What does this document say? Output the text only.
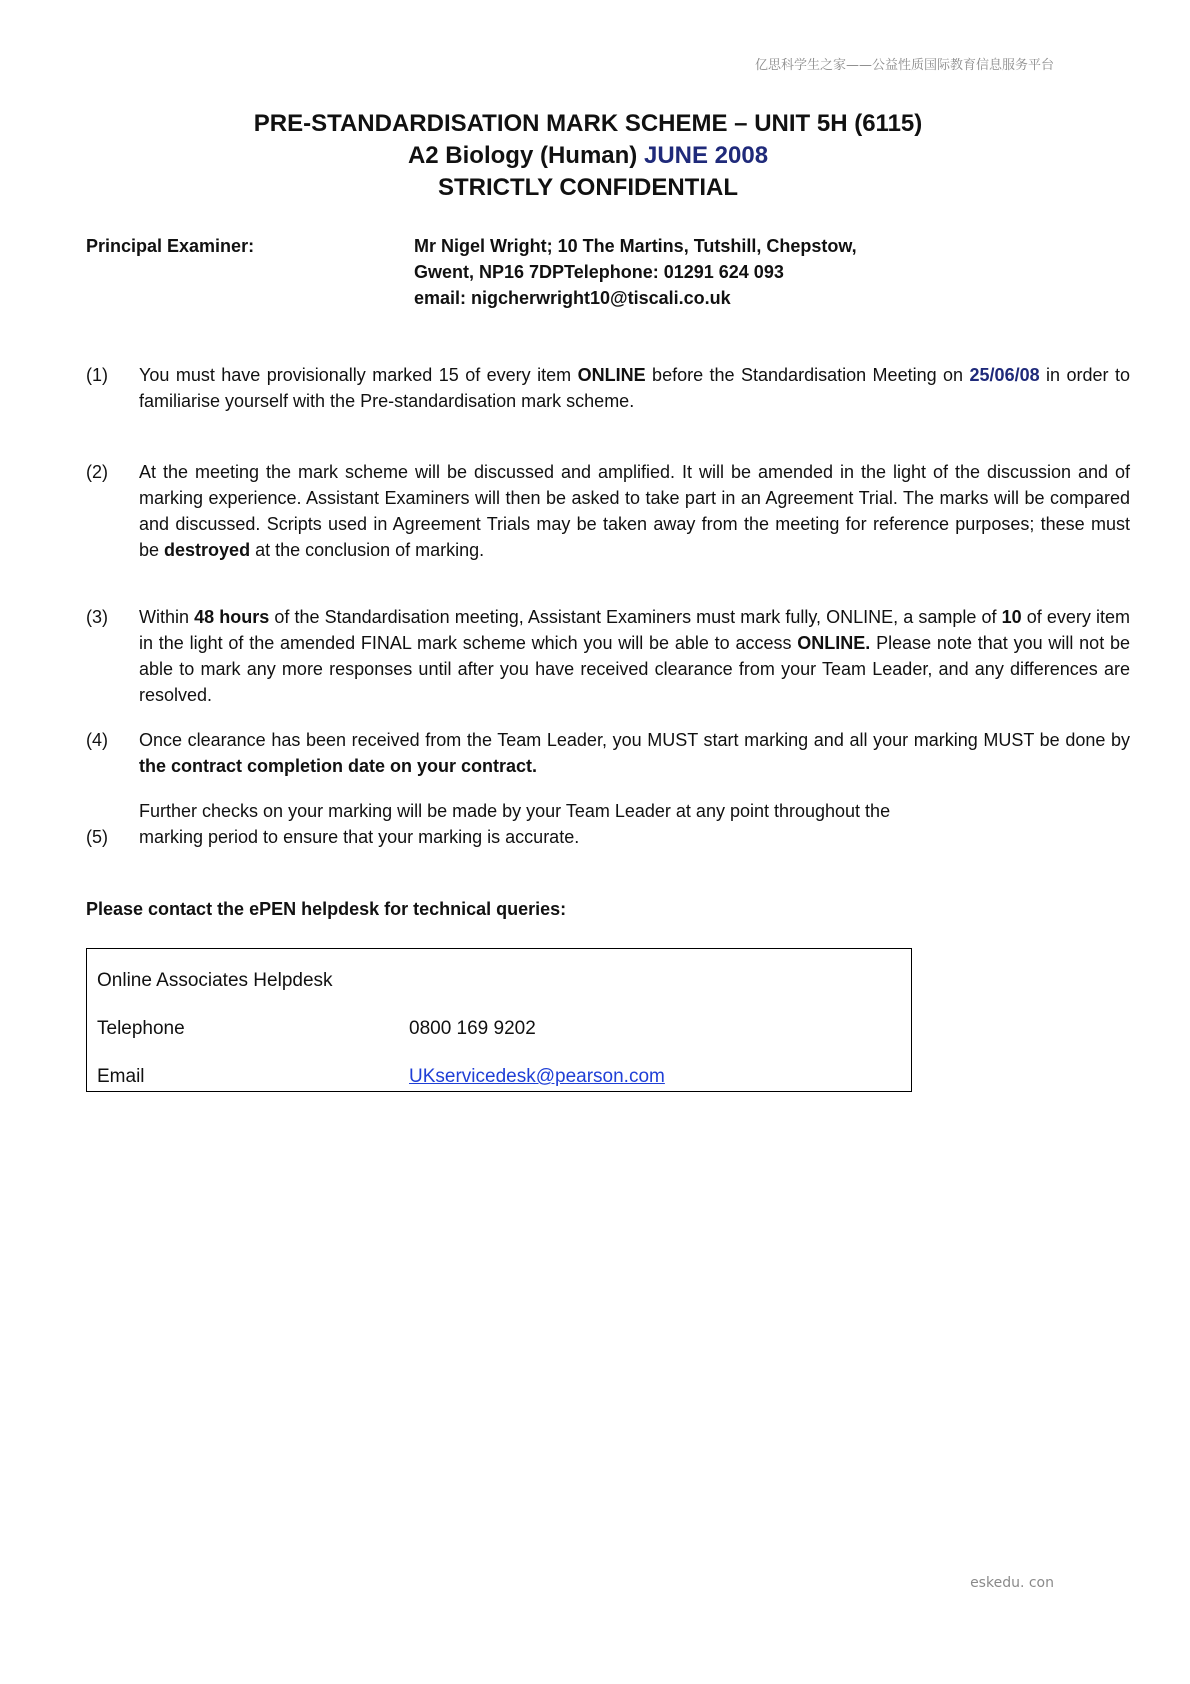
亿思科学生之家——公益性质国际教育信息服务平台
PRE-STANDARDISATION MARK SCHEME – UNIT 5H (6115)
A2 Biology (Human) JUNE 2008
STRICTLY CONFIDENTIAL
Principal Examiner:	Mr Nigel Wright; 10 The Martins, Tutshill, Chepstow,
Gwent, NP16 7DPTelephone: 01291 624 093
email: nigcherwright10@tiscali.co.uk
(1) You must have provisionally marked 15 of every item ONLINE before the Standardisation Meeting on 25/06/08 in order to familiarise yourself with the Pre-standardisation mark scheme.
(2) At the meeting the mark scheme will be discussed and amplified. It will be amended in the light of the discussion and of marking experience. Assistant Examiners will then be asked to take part in an Agreement Trial. The marks will be compared and discussed. Scripts used in Agreement Trials may be taken away from the meeting for reference purposes; these must be destroyed at the conclusion of marking.
(3) Within 48 hours of the Standardisation meeting, Assistant Examiners must mark fully, ONLINE, a sample of 10 of every item in the light of the amended FINAL mark scheme which you will be able to access ONLINE. Please note that you will not be able to mark any more responses until after you have received clearance from your Team Leader, and any differences are resolved.
(4) Once clearance has been received from the Team Leader, you MUST start marking and all your marking MUST be done by the contract completion date on your contract.
(5)
Further checks on your marking will be made by your Team Leader at any point throughout the
marking period to ensure that your marking is accurate.
Please contact the ePEN helpdesk for technical queries:
Online Associates Helpdesk
Telephone	0800 169 9202
Email	UKservicedesk@pearson.com
eskedu. con
